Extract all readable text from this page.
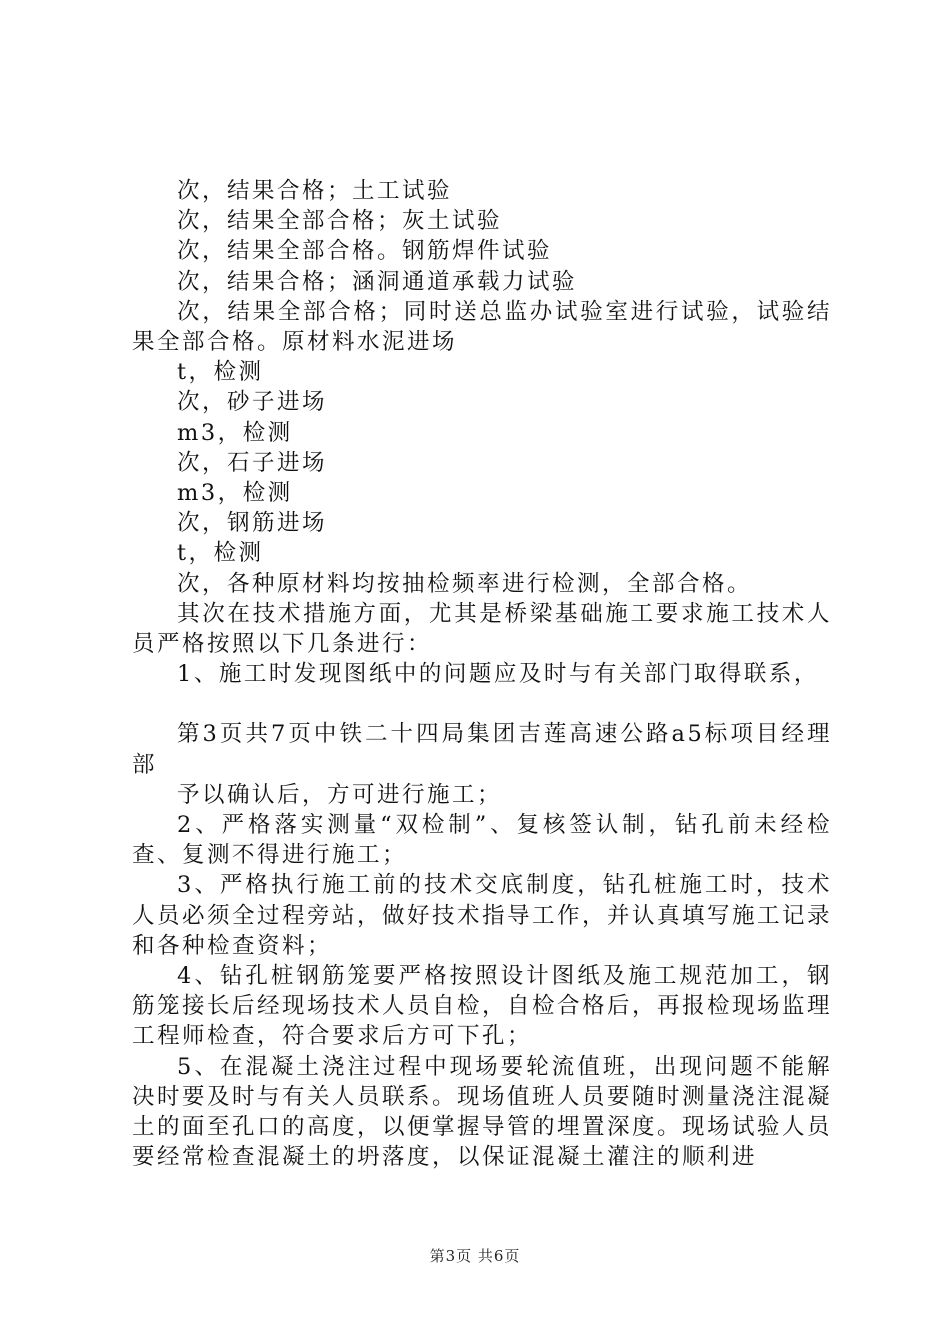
次，结果合格；土工试验

次，结果全部合格；灰土试验

次，结果全部合格。钢筋焊件试验

次，结果合格；涵洞通道承载力试验

次，结果全部合格；同时送总监办试验室进行试验，试验结果全部合格。原材料水泥进场

t，检测

次，砂子进场

m3，检测

次，石子进场

m3，检测

次，钢筋进场

t，检测

次，各种原材料均按抽检频率进行检测，全部合格。

其次在技术措施方面，尤其是桥梁基础施工要求施工技术人员严格按照以下几条进行：

1、施工时发现图纸中的问题应及时与有关部门取得联系，

第3页共7页中铁二十四局集团吉莲高速公路a5标项目经理部

予以确认后，方可进行施工；

2、严格落实测量“双检制”、复核签认制，钻孔前未经检查、复测不得进行施工；

3、严格执行施工前的技术交底制度，钻孔桩施工时，技术人员必须全过程旁站，做好技术指导工作，并认真填写施工记录和各种检查资料；

4、钻孔桩钢筋笼要严格按照设计图纸及施工规范加工，钢筋笼接长后经现场技术人员自检，自检合格后，再报检现场监理工程师检查，符合要求后方可下孔；

5、在混凝土浇注过程中现场要轮流值班，出现问题不能解决时要及时与有关人员联系。现场值班人员要随时测量浇注混凝土的面至孔口的高度，以便掌握导管的埋置深度。现场试验人员要经常检查混凝土的坍落度，以保证混凝土灌注的顺利进

第3页 共6页
